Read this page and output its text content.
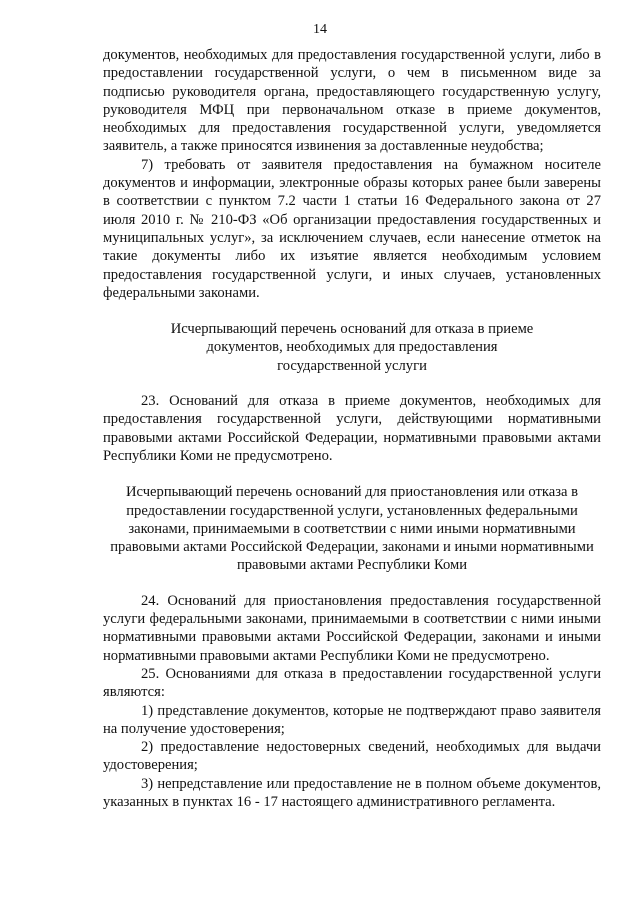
14

документов, необходимых для предоставления государственной услуги, либо в предоставлении государственной услуги, о чем в письменном виде за подписью руководителя органа, предоставляющего государственную услугу, руководителя МФЦ при первоначальном отказе в приеме документов, необходимых для предоставления государственной услуги, уведомляется заявитель, а также приносятся извинения за доставленные неудобства;

7) требовать от заявителя предоставления на бумажном носителе документов и информации, электронные образы которых ранее были заверены в соответствии с пунктом 7.2 части 1 статьи 16 Федерального закона от 27 июля 2010 г. № 210-ФЗ «Об организации предоставления государственных и муниципальных услуг», за исключением случаев, если нанесение отметок на такие документы либо их изъятие является необходимым условием предоставления государственной услуги, и иных случаев, установленных федеральными законами.

Исчерпывающий перечень оснований для отказа в приеме документов, необходимых для предоставления государственной услуги

23. Оснований для отказа в приеме документов, необходимых для предоставления государственной услуги, действующими нормативными правовыми актами Российской Федерации, нормативными правовыми актами Республики Коми не предусмотрено.

Исчерпывающий перечень оснований для приостановления или отказа в предоставлении государственной услуги, установленных федеральными законами, принимаемыми в соответствии с ними иными нормативными правовыми актами Российской Федерации, законами и иными нормативными правовыми актами Республики Коми

24. Оснований для приостановления предоставления государственной услуги федеральными законами, принимаемыми в соответствии с ними иными нормативными правовыми актами Российской Федерации, законами и иными нормативными правовыми актами Республики Коми не предусмотрено.

25. Основаниями для отказа в предоставлении государственной услуги являются:

1) представление документов, которые не подтверждают право заявителя на получение удостоверения;

2) предоставление недостоверных сведений, необходимых для выдачи удостоверения;

3) непредставление или предоставление не в полном объеме документов, указанных в пунктах 16 - 17 настоящего административного регламента.
